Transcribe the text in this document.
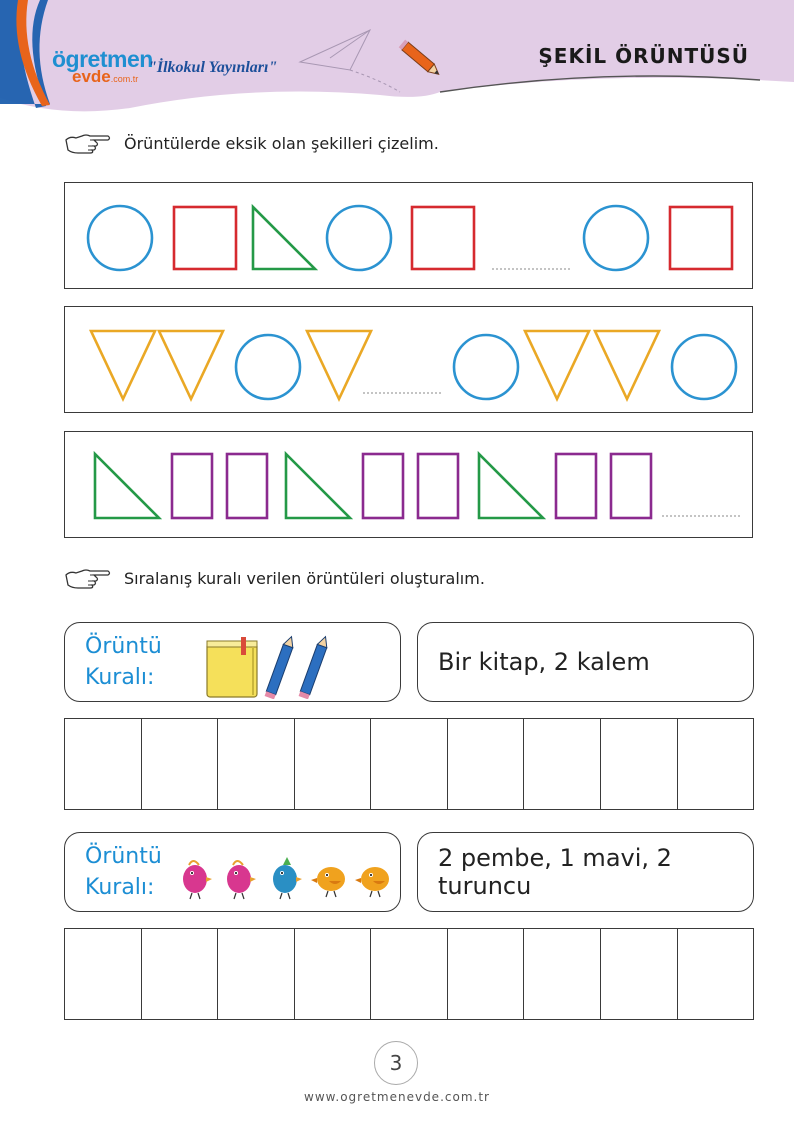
ögretmen
evde.com.tr
"İlkokul Yayınları"	ŞEKİL ÖRÜNTÜSÜ
Örüntülerde eksik olan şekilleri çizelim.
Sıralanış kuralı verilen örüntüleri oluşturalım.
Örüntü
Kuralı:
Bir kitap, 2 kalem
Örüntü
Kuralı:
2 pembe, 1 mavi, 2 turuncu
3
www.ogretmenevde.com.tr
